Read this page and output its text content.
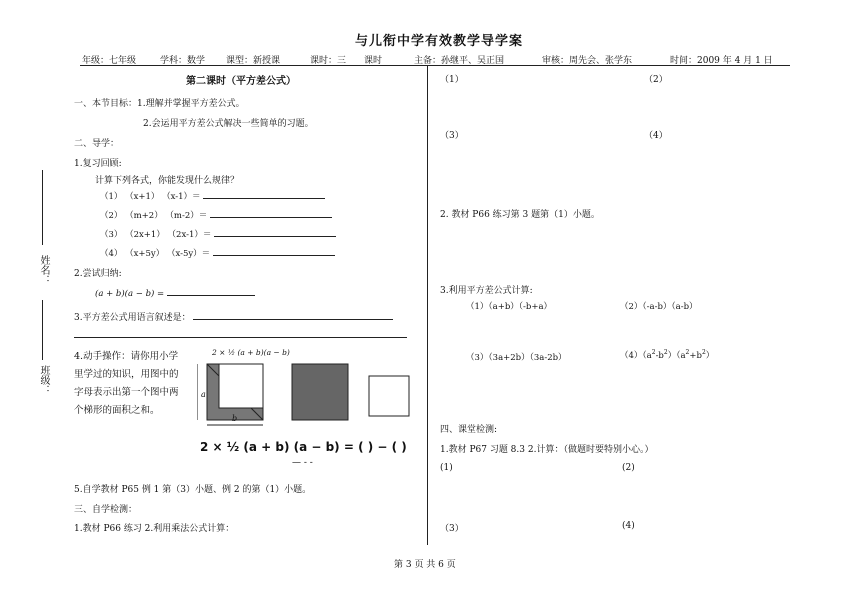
与儿衔中学有效教学导学案
年级：七年级	学科：数学 课型：新授课	课时：三 课时	主备：孙继平、吴正国	审核：周先会、张学东	时间：2009 年 4 月 1 日
姓名：
班级：
第二课时（平方差公式）
一、本节目标：1.理解并掌握平方差公式。
2.会运用平方差公式解决一些简单的习题。
二、导学：
1.复习回顾:
计算下列各式，你能发现什么规律？
（1） （x+1） （x-1）＝
（2） （m+2） （m-2）＝
（3） （2x+1） （2x-1）＝
（4） （x+5y） （x-5y）＝
2.尝试归纳:
(a + b)(a − b) =
3.平方差公式用语言叙述是：
4.动手操作：请你用小学
里学过的知识，用图中的
字母表示出第一个图中两
个梯形的面积之和。
2 × ½ (a + b)(a − b)
a
b
2 × ½ (a + b) (a − b) = ( ) − ( )
— - -
5.自学教材 P65 例 1 第（3）小题、例 2 的第（1）小题。
三、自学检测：
1.教材 P66 练习 2.利用乘法公式计算：
（1）	（2）
（3）	（4）
2. 教材 P66 练习第 3 题第（1）小题。
3.利用平方差公式计算:
（1）（a+b）（-b+a）	（2）（-a-b）（a-b）
（3）（3a+2b）（3a-2b）	$(4)(a^2-b^2)(a^2+b^2)$
四、课堂检测:
1.教材 P67 习题 8.3 2.计算：（做题时要特别小心。）
(1)	(2)
（3）	(4)
第 3 页 共 6 页
